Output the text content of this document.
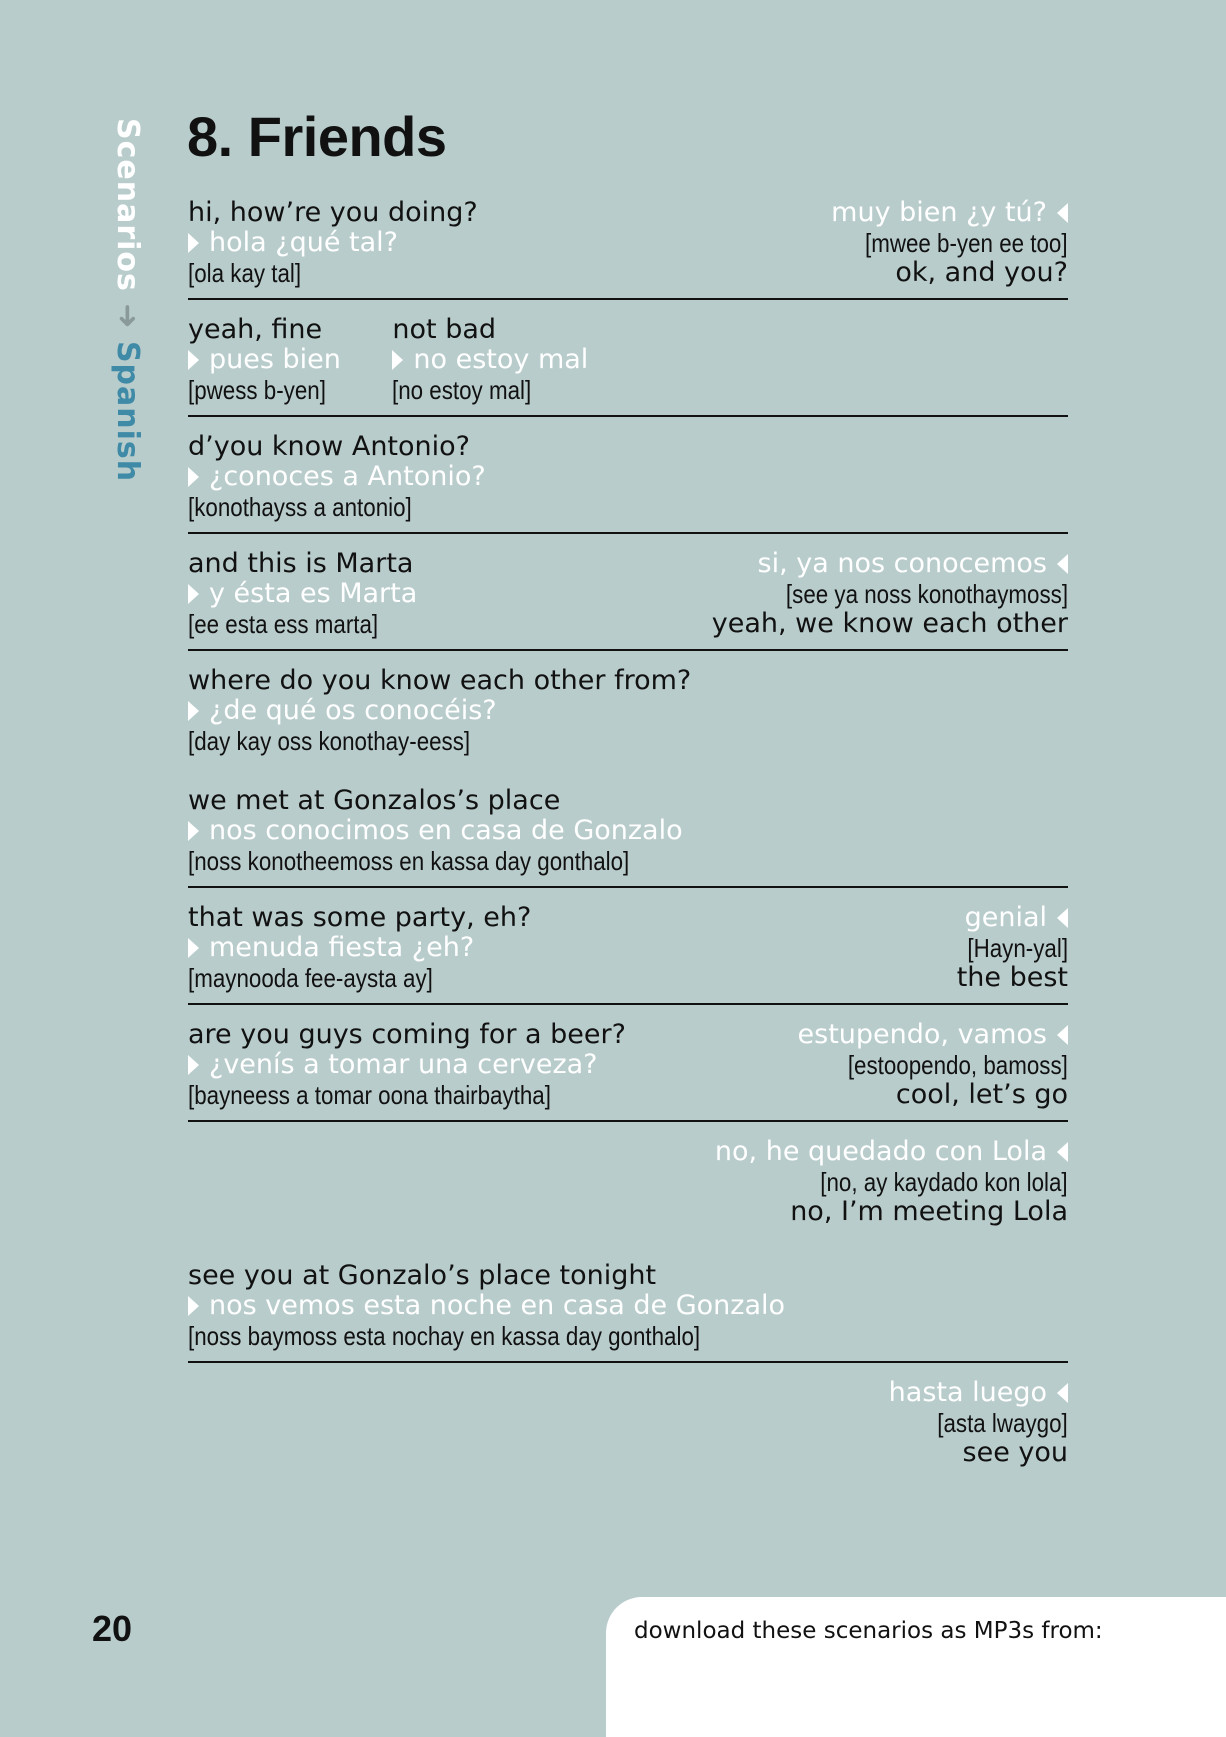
Scenarios ➜ Spanish
8. Friends
hi, how’re you doing?
hola ¿qué tal?
[ola kay tal]
muy bien ¿y tú?
[mwee b-yen ee too]
ok, and you?
yeah, fine
pues bien
[pwess b-yen]
not bad
no estoy mal
[no estoy mal]
d’you know Antonio?
¿conoces a Antonio?
[konothayss a antonio]
and this is Marta
y ésta es Marta
[ee esta ess marta]
si, ya nos conocemos
[see ya noss konothaymoss]
yeah, we know each other
where do you know each other from?
¿de qué os conocéis?
[day kay oss konothay-eess]
we met at Gonzalos’s place
nos conocimos en casa de Gonzalo
[noss konotheemoss en kassa day gonthalo]
that was some party, eh?
menuda fiesta ¿eh?
[maynooda fee-aysta ay]
genial
[Hayn-yal]
the best
are you guys coming for a beer?
¿venís a tomar una cerveza?
[bayneess a tomar oona thairbaytha]
estupendo, vamos
[estoopendo, bamoss]
cool, let’s go
no, he quedado con Lola
[no, ay kaydado kon lola]
no, I’m meeting Lola
see you at Gonzalo’s place tonight
nos vemos esta noche en casa de Gonzalo
[noss baymoss esta nochay en kassa day gonthalo]
hasta luego
[asta lwaygo]
see you
20	download these scenarios as MP3s from:
